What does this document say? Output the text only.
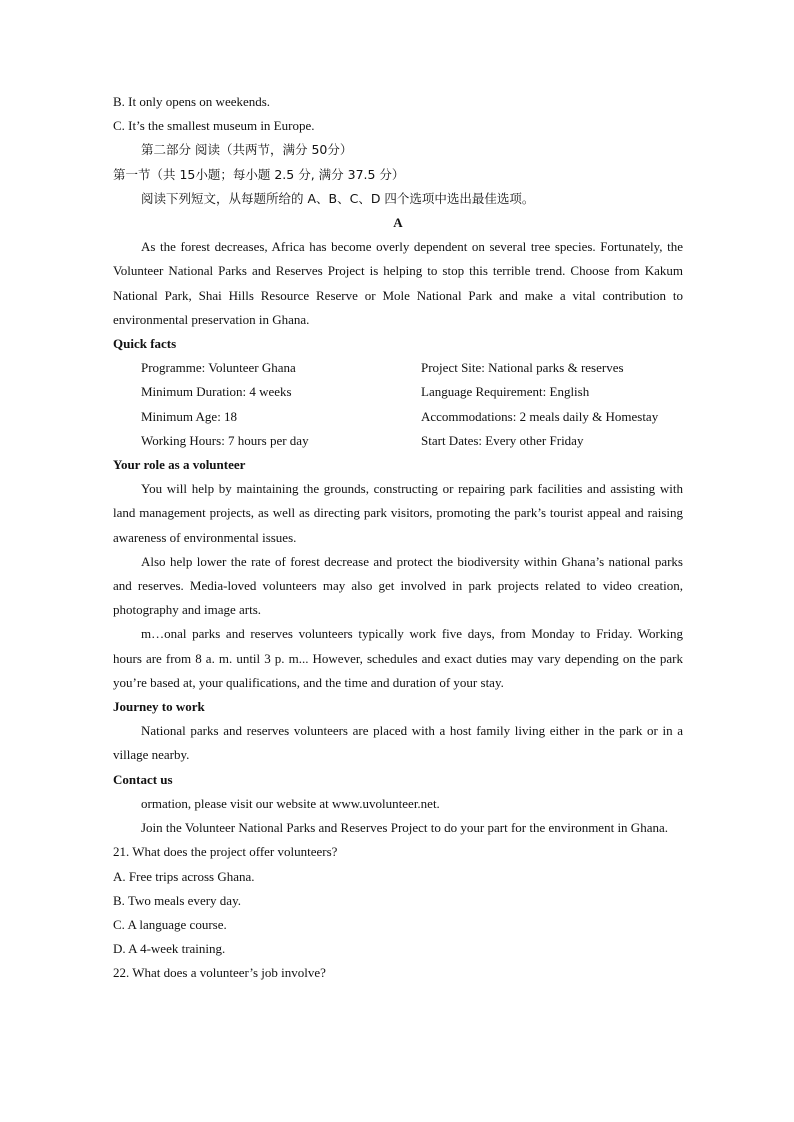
B. It only opens on weekends.
C. It’s the smallest museum in Europe.
第二部分 阅读（共两节，满分 50分）
第一节（共 15小题；每小题 2.5 分, 满分 37.5 分）
阅读下列短文，从每题所给的 A、B、C、D 四个选项中选出最佳选项。
A

As the forest decreases, Africa has become overly dependent on several tree species. Fortunately, the Volunteer National Parks and Reserves Project is helping to stop this terrible trend. Choose from Kakum National Park, Shai Hills Resource Reserve or Mole National Park and make a vital contribution to environmental preservation in Ghana.

Quick facts
Programme: Volunteer Ghana	Project Site: National parks & reserves
Minimum Duration: 4 weeks	Language Requirement: English
Minimum Age: 18	Accommodations: 2 meals daily & Homestay
Working Hours: 7 hours per day	Start Dates: Every other Friday
Your role as a volunteer

You will help by maintaining the grounds, constructing or repairing park facilities and assisting with land management projects, as well as directing park visitors, promoting the park’s tourist appeal and raising awareness of environmental issues.

Also help lower the rate of forest decrease and protect the biodiversity within Ghana’s national parks and reserves. Media-loved volunteers may also get involved in park projects related to video creation, photography and image arts.

m…onal parks and reserves volunteers typically work five days, from Monday to Friday. Working hours are from 8 a. m. until 3 p. m... However, schedules and exact duties may vary depending on the park you’re based at, your qualifications, and the time and duration of your stay.

Journey to work

National parks and reserves volunteers are placed with a host family living either in the park or in a village nearby.

Contact us

ormation, please visit our website at www.uvolunteer.net.

Join the Volunteer National Parks and Reserves Project to do your part for the environment in Ghana.

21. What does the project offer volunteers?
A. Free trips across Ghana.
B. Two meals every day.
C. A language course.
D. A 4-week training.
22. What does a volunteer’s job involve?
